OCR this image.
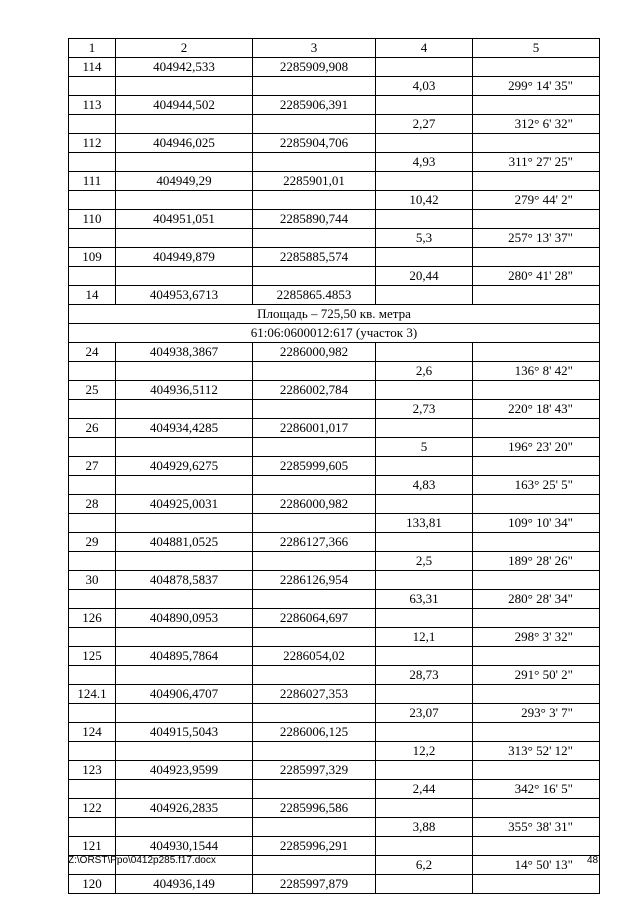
1	2	3	4	5
114	404942,533	2285909,908		
			4,03	299° 14' 35"
113	404944,502	2285906,391		
			2,27	312° 6' 32"
112	404946,025	2285904,706		
			4,93	311° 27' 25"
111	404949,29	2285901,01		
			10,42	279° 44' 2"
110	404951,051	2285890,744		
			5,3	257° 13' 37"
109	404949,879	2285885,574		
			20,44	280° 41' 28"
14	404953,6713	2285865.4853		
Площадь – 725,50 кв. метра				
61:06:0600012:617 (участок 3)				
24	404938,3867	2286000,982		
			2,6	136° 8' 42"
25	404936,5112	2286002,784		
			2,73	220° 18' 43"
26	404934,4285	2286001,017		
			5	196° 23' 20"
27	404929,6275	2285999,605		
			4,83	163° 25' 5"
28	404925,0031	2286000,982		
			133,81	109° 10' 34"
29	404881,0525	2286127,366		
			2,5	189° 28' 26"
30	404878,5837	2286126,954		
			63,31	280° 28' 34"
126	404890,0953	2286064,697		
			12,1	298° 3' 32"
125	404895,7864	2286054,02		
			28,73	291° 50' 2"
124.1	404906,4707	2286027,353		
			23,07	293° 3' 7"
124	404915,5043	2286006,125		
			12,2	313° 52' 12"
123	404923,9599	2285997,329		
			2,44	342° 16' 5"
122	404926,2835	2285996,586		
			3,88	355° 38' 31"
121	404930,1544	2285996,291		
			6,2	14° 50' 13"
120	404936,149	2285997,879		
Z:\ORST\Ppo\0412p285.f17.docx	48
